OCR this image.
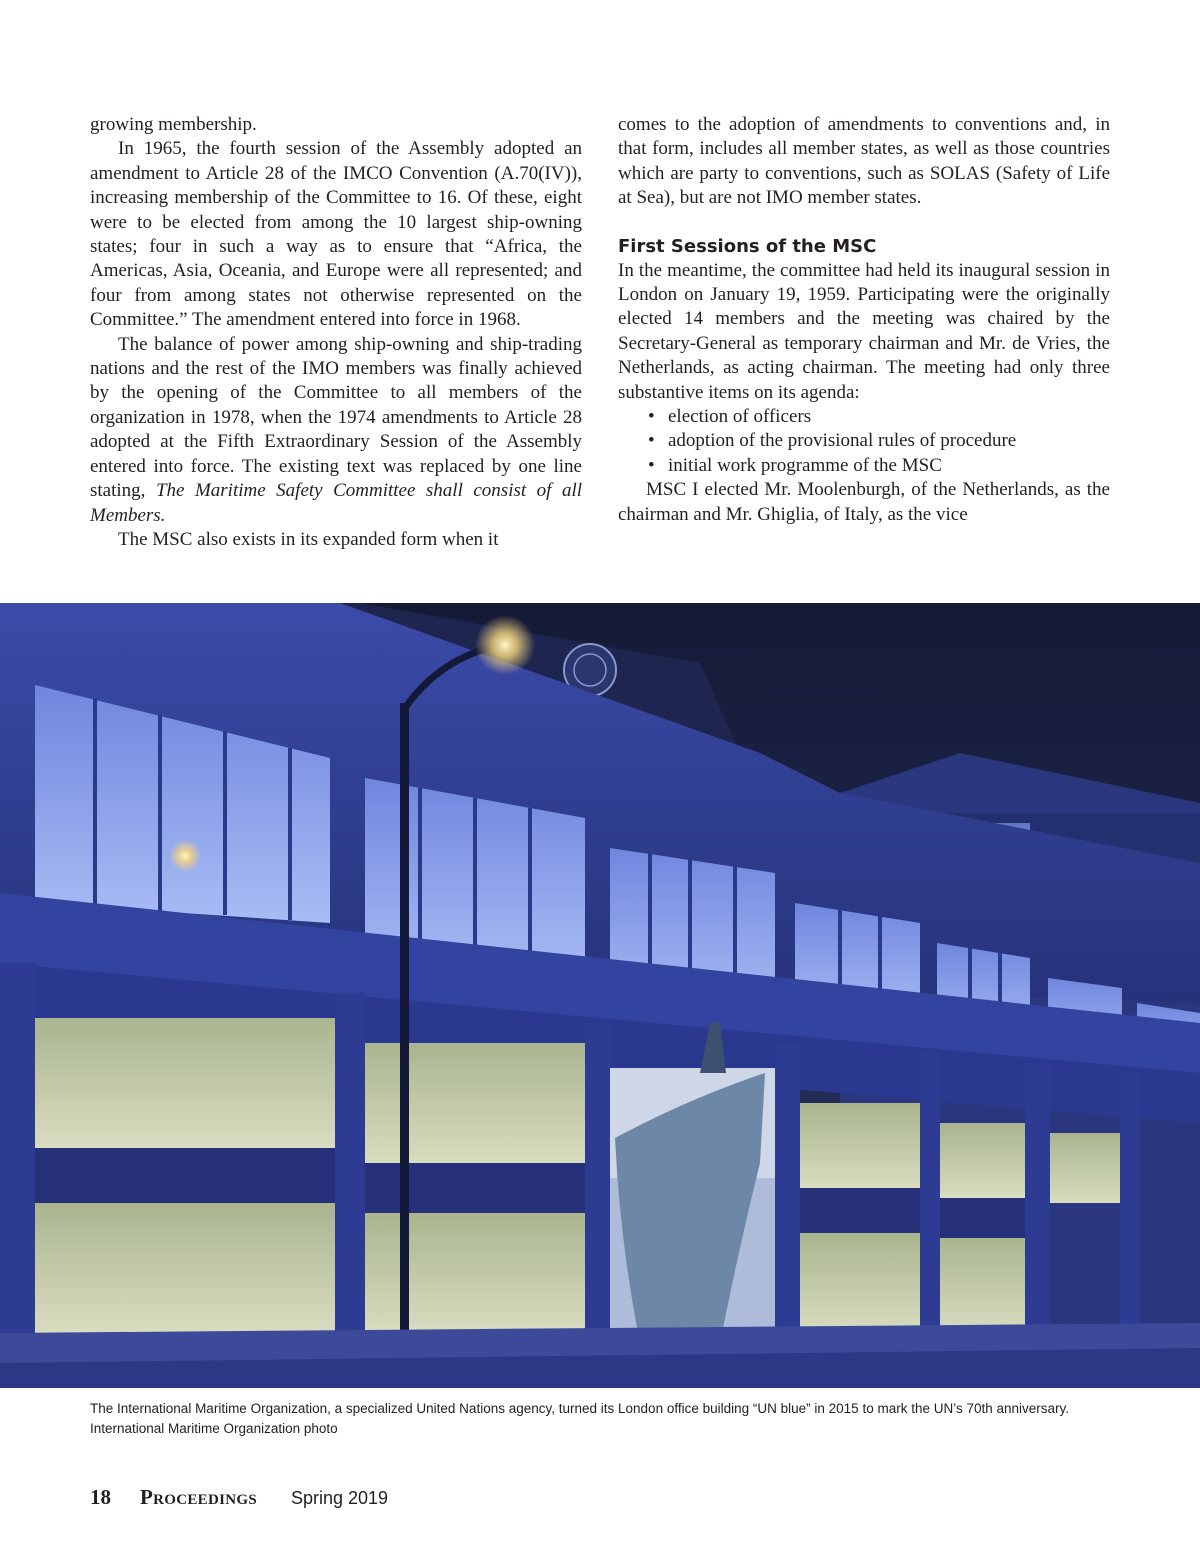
growing membership.

In 1965, the fourth session of the Assembly adopted an amendment to Article 28 of the IMCO Convention (A.70(IV)), increasing membership of the Committee to 16. Of these, eight were to be elected from among the 10 largest ship-owning states; four in such a way as to ensure that “Africa, the Americas, Asia, Oceania, and Europe were all represented; and four from among states not otherwise represented on the Committee.” The amendment entered into force in 1968.

The balance of power among ship-owning and ship-trading nations and the rest of the IMO members was finally achieved by the opening of the Committee to all members of the organization in 1978, when the 1974 amendments to Article 28 adopted at the Fifth Extraordinary Session of the Assembly entered into force. The existing text was replaced by one line stating, The Maritime Safety Committee shall consist of all Members.

The MSC also exists in its expanded form when it

comes to the adoption of amendments to conventions and, in that form, includes all member states, as well as those countries which are party to conventions, such as SOLAS (Safety of Life at Sea), but are not IMO member states.

First Sessions of the MSC

In the meantime, the committee had held its inaugural session in London on January 19, 1959. Participating were the originally elected 14 members and the meeting was chaired by the Secretary-General as temporary chairman and Mr. de Vries, the Netherlands, as acting chairman. The meeting had only three substantive items on its agenda:

• election of officers
• adoption of the provisional rules of procedure
• initial work programme of the MSC

MSC I elected Mr. Moolenburgh, of the Netherlands, as the chairman and Mr. Ghiglia, of Italy, as the vice

The International Maritime Organization, a specialized United Nations agency, turned its London office building “UN blue” in 2015 to mark the UN’s 70th anniversary. International Maritime Organization photo

18 Proceedings Spring 2019
